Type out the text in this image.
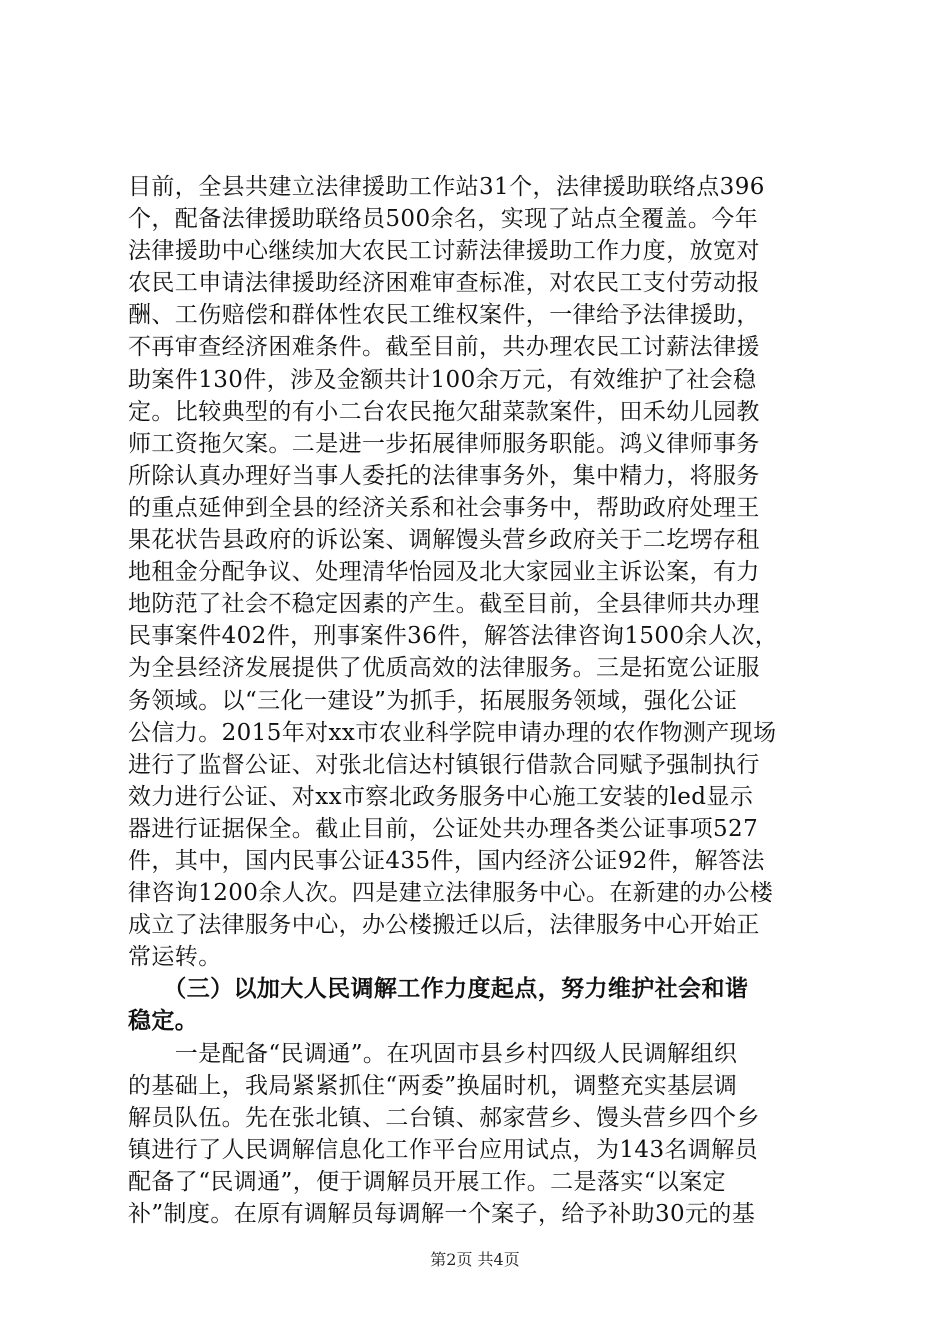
目前，全县共建立法律援助工作站31个，法律援助联络点396
个，配备法律援助联络员500余名，实现了站点全覆盖。今年
法律援助中心继续加大农民工讨薪法律援助工作力度，放宽对
农民工申请法律援助经济困难审查标准，对农民工支付劳动报
酬、工伤赔偿和群体性农民工维权案件，一律给予法律援助，
不再审查经济困难条件。截至目前，共办理农民工讨薪法律援
助案件130件，涉及金额共计100余万元，有效维护了社会稳
定。比较典型的有小二台农民拖欠甜菜款案件，田禾幼儿园教
师工资拖欠案。二是进一步拓展律师服务职能。鸿义律师事务
所除认真办理好当事人委托的法律事务外，集中精力，将服务
的重点延伸到全县的经济关系和社会事务中，帮助政府处理王
果花状告县政府的诉讼案、调解馒头营乡政府关于二圪塄存租
地租金分配争议、处理清华怡园及北大家园业主诉讼案，有力
地防范了社会不稳定因素的产生。截至目前，全县律师共办理
民事案件402件，刑事案件36件，解答法律咨询1500余人次，
为全县经济发展提供了优质高效的法律服务。三是拓宽公证服
务领域。以“三化一建设”为抓手，拓展服务领域，强化公证
公信力。2015年对xx市农业科学院申请办理的农作物测产现场
进行了监督公证、对张北信达村镇银行借款合同赋予强制执行
效力进行公证、对xx市察北政务服务中心施工安装的led显示
器进行证据保全。截止目前，公证处共办理各类公证事项527
件，其中，国内民事公证435件，国内经济公证92件，解答法
律咨询1200余人次。四是建立法律服务中心。在新建的办公楼
成立了法律服务中心，办公楼搬迁以后，法律服务中心开始正
常运转。
　　（三）以加大人民调解工作力度起点，努力维护社会和谐
稳定。
　　一是配备“民调通”。在巩固市县乡村四级人民调解组织
的基础上，我局紧紧抓住“两委”换届时机，调整充实基层调
解员队伍。先在张北镇、二台镇、郝家营乡、馒头营乡四个乡
镇进行了人民调解信息化工作平台应用试点，为143名调解员
配备了“民调通”，便于调解员开展工作。二是落实“以案定
补”制度。在原有调解员每调解一个案子，给予补助30元的基
第2页 共4页
